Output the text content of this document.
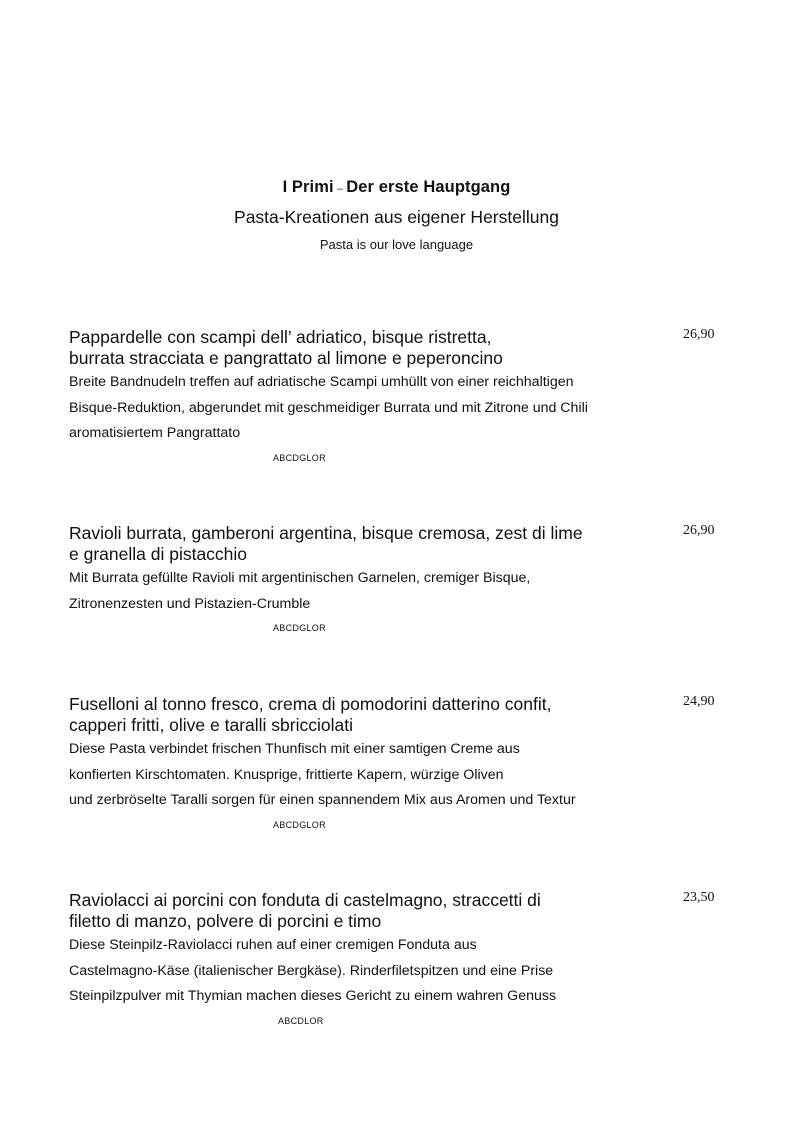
I Primi – Der erste Hauptgang
Pasta-Kreationen aus eigener Herstellung
Pasta is our love language
Pappardelle con scampi dell’ adriatico, bisque ristretta,
burrata stracciata e pangrattato al limone e peperoncino
26,90
Breite Bandnudeln treffen auf adriatische Scampi umhüllt von einer reichhaltigen
Bisque-Reduktion, abgerundet mit geschmeidiger Burrata und mit Zitrone und Chili
aromatisiertem Pangrattato
ABCDGLOR
Ravioli burrata, gamberoni argentina, bisque cremosa, zest di lime
e granella di pistacchio
26,90
Mit Burrata gefüllte Ravioli mit argentinischen Garnelen, cremiger Bisque,
Zitronenzesten und Pistazien-Crumble
ABCDGLOR
Fuselloni al tonno fresco, crema di pomodorini datterino confit,
capperi fritti, olive e taralli sbricciolati
24,90
Diese Pasta verbindet frischen Thunfisch mit einer samtigen Creme aus
konfierten Kirschtomaten. Knusprige, frittierte Kapern, würzige Oliven
und zerbröselte Taralli sorgen für einen spannendem Mix aus Aromen und Textur
ABCDGLOR
Raviolacci ai porcini con fonduta di castelmagno, straccetti di
filetto di manzo, polvere di porcini e timo
23,50
Diese Steinpilz-Raviolacci ruhen auf einer cremigen Fonduta aus
Castelmagno-Käse (italienischer Bergkäse). Rinderfiletspitzen und eine Prise
Steinpilzpulver mit Thymian machen dieses Gericht zu einem wahren Genuss
ABCDLOR
